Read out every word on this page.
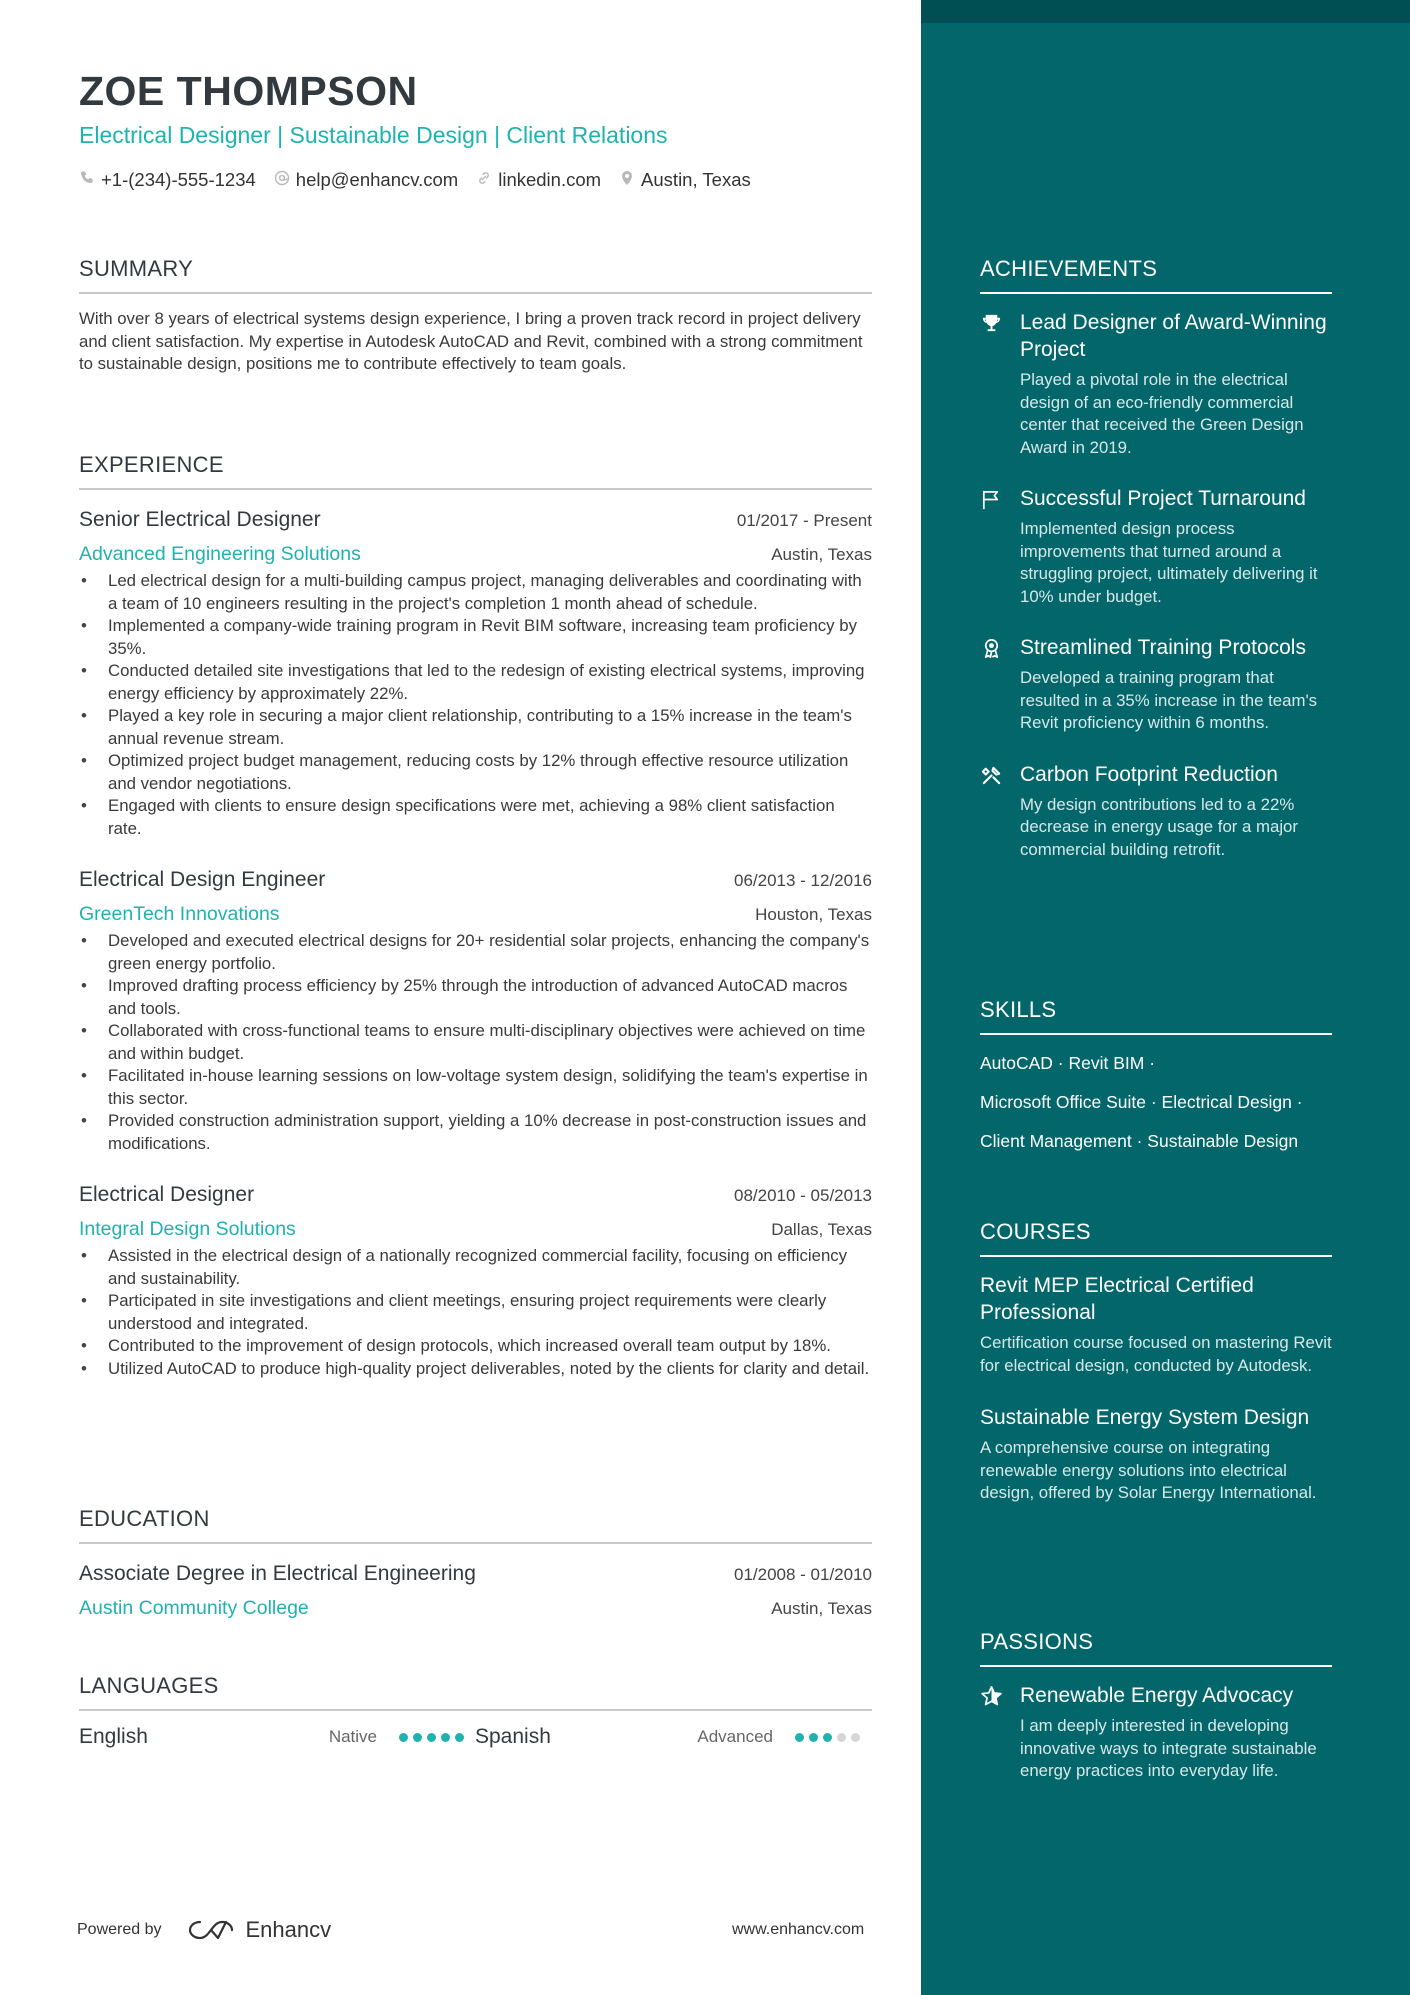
ZOE THOMPSON
Electrical Designer | Sustainable Design | Client Relations
+1-(234)-555-1234 help@enhancv.com linkedin.com Austin, Texas
SUMMARY

With over 8 years of electrical systems design experience, I bring a proven track record in project delivery and client satisfaction. My expertise in Autodesk AutoCAD and Revit, combined with a strong commitment to sustainable design, positions me to contribute effectively to team goals.

EXPERIENCE
Senior Electrical Designer	01/2017 - Present
Advanced Engineering Solutions	Austin, Texas
• Led electrical design for a multi-building campus project, managing deliverables and coordinating with a team of 10 engineers resulting in the project's completion 1 month ahead of schedule.
• Implemented a company-wide training program in Revit BIM software, increasing team proficiency by 35%.
• Conducted detailed site investigations that led to the redesign of existing electrical systems, improving energy efficiency by approximately 22%.
• Played a key role in securing a major client relationship, contributing to a 15% increase in the team's annual revenue stream.
• Optimized project budget management, reducing costs by 12% through effective resource utilization and vendor negotiations.
• Engaged with clients to ensure design specifications were met, achieving a 98% client satisfaction rate.
Electrical Design Engineer	06/2013 - 12/2016
GreenTech Innovations	Houston, Texas
• Developed and executed electrical designs for 20+ residential solar projects, enhancing the company's green energy portfolio.
• Improved drafting process efficiency by 25% through the introduction of advanced AutoCAD macros and tools.
• Collaborated with cross-functional teams to ensure multi-disciplinary objectives were achieved on time and within budget.
• Facilitated in-house learning sessions on low-voltage system design, solidifying the team's expertise in this sector.
• Provided construction administration support, yielding a 10% decrease in post-construction issues and modifications.
Electrical Designer	08/2010 - 05/2013
Integral Design Solutions	Dallas, Texas
• Assisted in the electrical design of a nationally recognized commercial facility, focusing on efficiency and sustainability.
• Participated in site investigations and client meetings, ensuring project requirements were clearly understood and integrated.
• Contributed to the improvement of design protocols, which increased overall team output by 18%.
• Utilized AutoCAD to produce high-quality project deliverables, noted by the clients for clarity and detail.
EDUCATION
Associate Degree in Electrical Engineering	01/2008 - 01/2010
Austin Community College	Austin, Texas
LANGUAGES
English	Native	Spanish	Advanced
Powered by	Enhancv	www.enhancv.com
ACHIEVEMENTS
Lead Designer of Award-Winning Project
Played a pivotal role in the electrical design of an eco-friendly commercial center that received the Green Design Award in 2019.
Successful Project Turnaround
Implemented design process improvements that turned around a struggling project, ultimately delivering it 10% under budget.
Streamlined Training Protocols
Developed a training program that resulted in a 35% increase in the team's Revit proficiency within 6 months.
Carbon Footprint Reduction
My design contributions led to a 22% decrease in energy usage for a major commercial building retrofit.
SKILLS
AutoCAD · Revit BIM ·
Microsoft Office Suite · Electrical Design ·
Client Management · Sustainable Design
COURSES
Revit MEP Electrical Certified Professional
Certification course focused on mastering Revit for electrical design, conducted by Autodesk.
Sustainable Energy System Design
A comprehensive course on integrating renewable energy solutions into electrical design, offered by Solar Energy International.
PASSIONS
Renewable Energy Advocacy
I am deeply interested in developing innovative ways to integrate sustainable energy practices into everyday life.
